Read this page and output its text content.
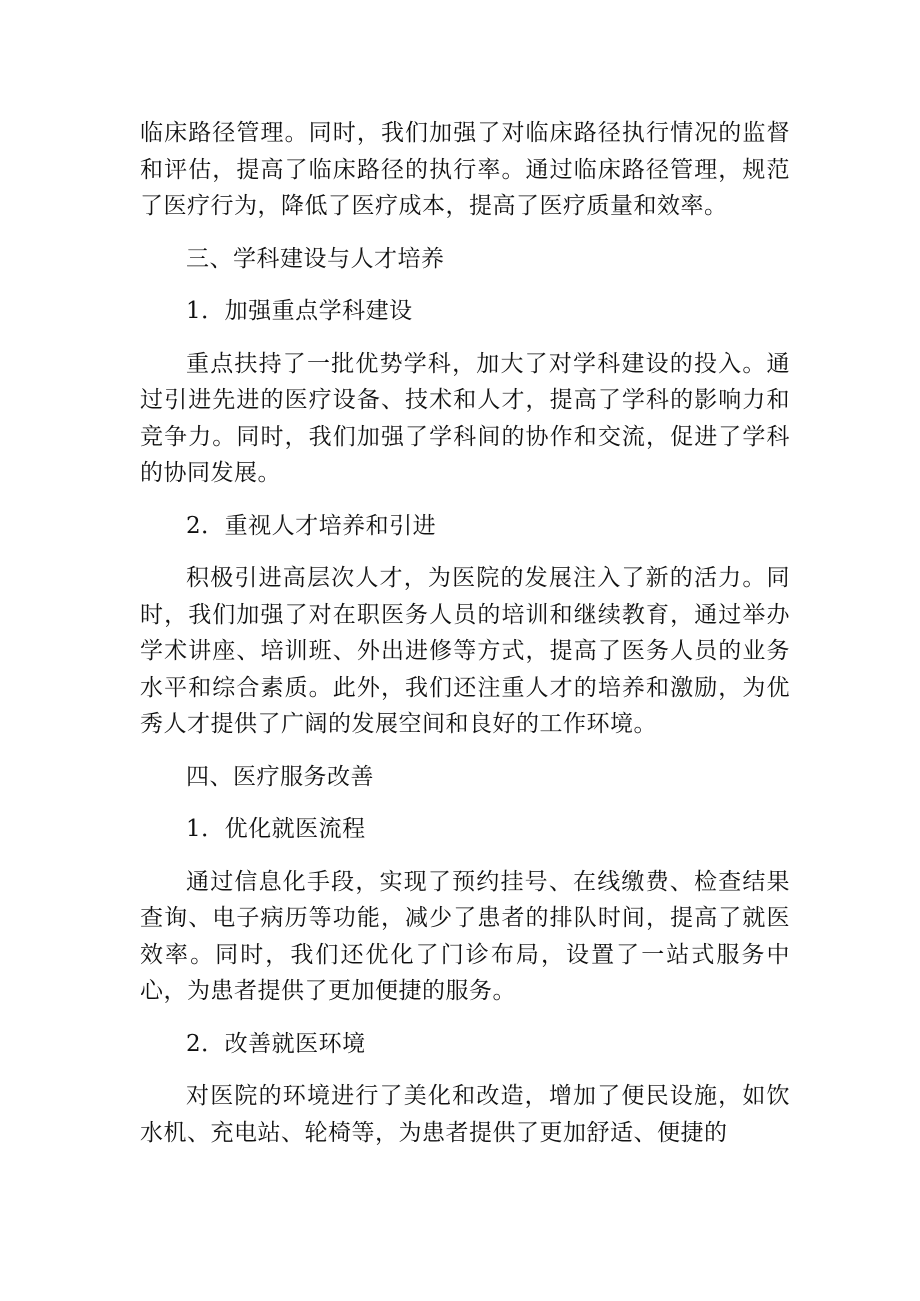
临床路径管理。同时，我们加强了对临床路径执行情况的监督和评估，提高了临床路径的执行率。通过临床路径管理，规范了医疗行为，降低了医疗成本，提高了医疗质量和效率。

三、学科建设与人才培养

1．加强重点学科建设

重点扶持了一批优势学科，加大了对学科建设的投入。通过引进先进的医疗设备、技术和人才，提高了学科的影响力和竞争力。同时，我们加强了学科间的协作和交流，促进了学科的协同发展。

2．重视人才培养和引进

积极引进高层次人才，为医院的发展注入了新的活力。同时，我们加强了对在职医务人员的培训和继续教育，通过举办学术讲座、培训班、外出进修等方式，提高了医务人员的业务水平和综合素质。此外，我们还注重人才的培养和激励，为优秀人才提供了广阔的发展空间和良好的工作环境。

四、医疗服务改善

1．优化就医流程

通过信息化手段，实现了预约挂号、在线缴费、检查结果查询、电子病历等功能，减少了患者的排队时间，提高了就医效率。同时，我们还优化了门诊布局，设置了一站式服务中心，为患者提供了更加便捷的服务。

2．改善就医环境

对医院的环境进行了美化和改造，增加了便民设施，如饮水机、充电站、轮椅等，为患者提供了更加舒适、便捷的
